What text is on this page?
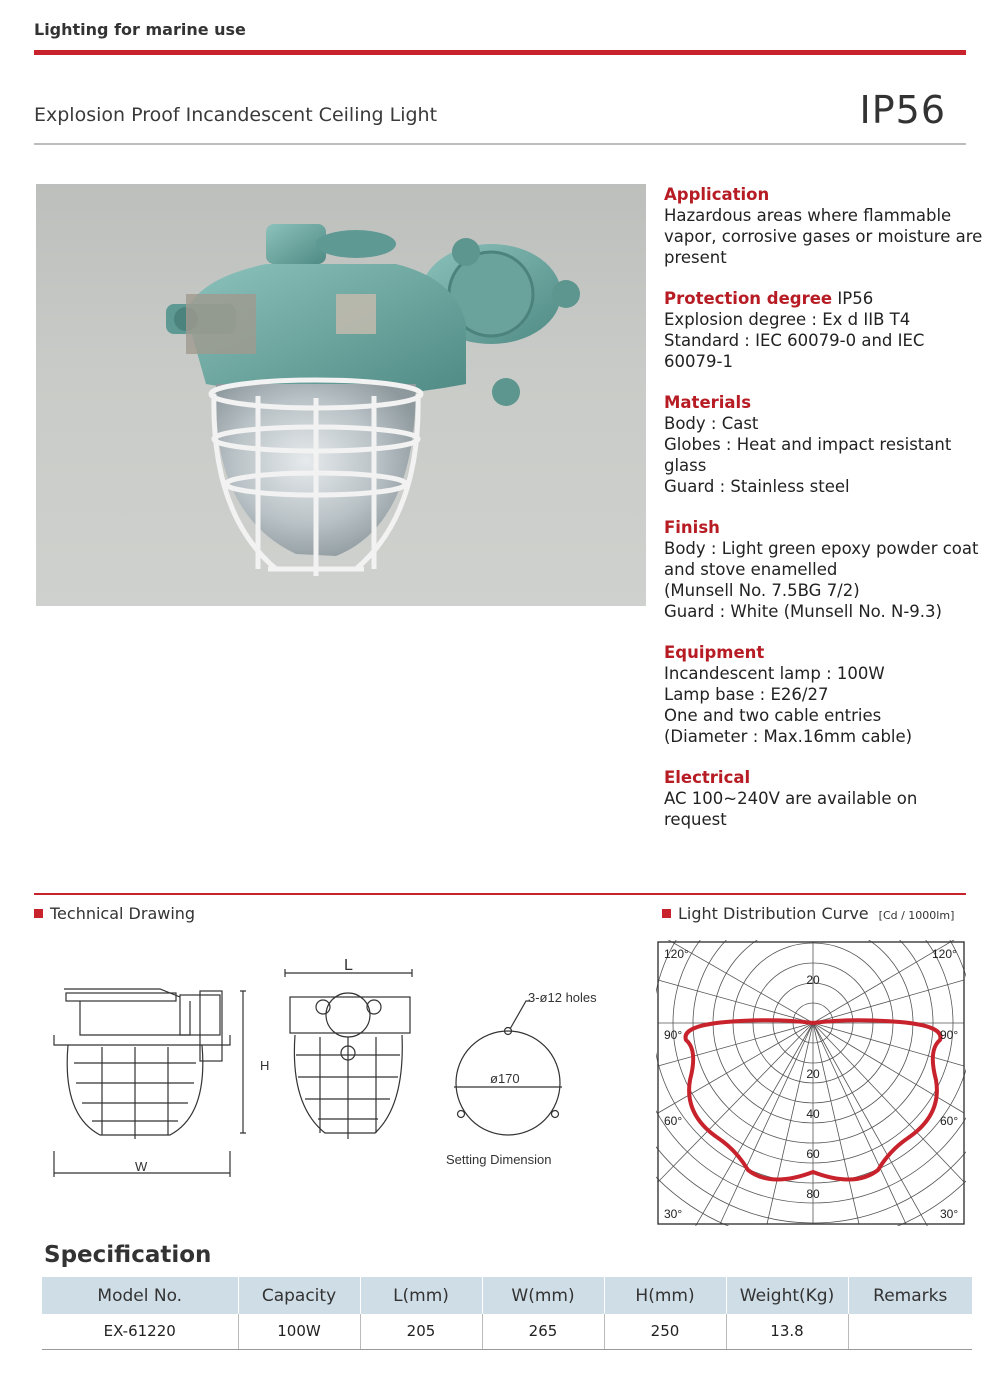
Lighting for marine use
Explosion Proof Incandescent Ceiling Light	IP56
Application
Hazardous areas where flammable
vapor, corrosive gases or moisture are
present
Protection degree IP56
Explosion degree : Ex d IIB T4
Standard : IEC 60079-0 and IEC
60079-1
Materials
Body : Cast
Globes : Heat and impact resistant glass
Guard : Stainless steel
Finish
Body : Light green epoxy powder coat
and stove enamelled
(Munsell No. 7.5BG 7/2)
Guard : White (Munsell No. N-9.3)
Equipment
Incandescent lamp : 100W
Lamp base : E26/27
One and two cable entries
(Diameter : Max.16mm cable)
Electrical
AC 100~240V are available on request
Technical Drawing	Light Distribution Curve [Cd / 1000lm]
H
W
L
3-ø12 holes
ø170
Setting Dimension
120°	120°
90°	90°
60°	60°
30°	30°
20
20
40
60
80
Specification
Model No.	Capacity	L(mm)	W(mm)	H(mm)	Weight(Kg)	Remarks
EX-61220	100W	205	265	250	13.8	
